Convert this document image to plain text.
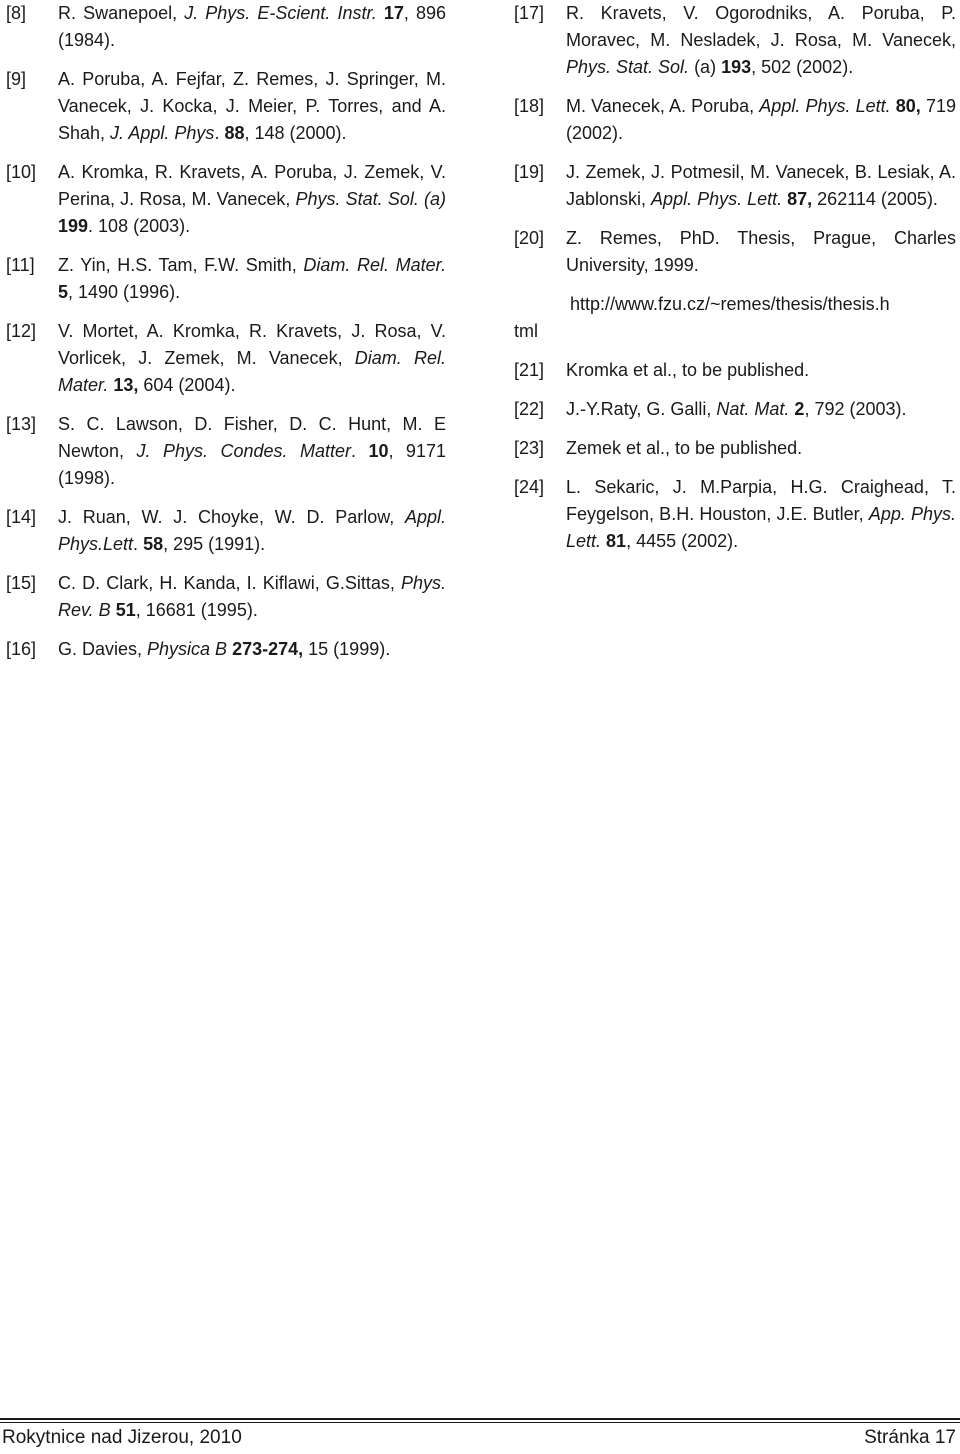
[8] R. Swanepoel, J. Phys. E-Scient. Instr. 17, 896 (1984).
[9] A. Poruba, A. Fejfar, Z. Remes, J. Springer, M. Vanecek, J. Kocka, J. Meier, P. Torres, and A. Shah, J. Appl. Phys. 88, 148 (2000).
[10] A. Kromka, R. Kravets, A. Poruba, J. Zemek, V. Perina, J. Rosa, M. Vanecek, Phys. Stat. Sol. (a) 199. 108 (2003).
[11] Z. Yin, H.S. Tam, F.W. Smith, Diam. Rel. Mater. 5, 1490 (1996).
[12] V. Mortet, A. Kromka, R. Kravets, J. Rosa, V. Vorlicek, J. Zemek, M. Vanecek, Diam. Rel. Mater. 13, 604 (2004).
[13] S. C. Lawson, D. Fisher, D. C. Hunt, M. E Newton, J. Phys. Condes. Matter. 10, 9171 (1998).
[14] J. Ruan, W. J. Choyke, W. D. Parlow, Appl. Phys.Lett. 58, 295 (1991).
[15] C. D. Clark, H. Kanda, I. Kiflawi, G.Sittas, Phys. Rev. B 51, 16681 (1995).
[16] G. Davies, Physica B 273-274, 15 (1999).
[17] R. Kravets, V. Ogorodniks, A. Poruba, P. Moravec, M. Nesladek, J. Rosa, M. Vanecek, Phys. Stat. Sol. (a) 193, 502 (2002).
[18] M. Vanecek, A. Poruba, Appl. Phys. Lett. 80, 719 (2002).
[19] J. Zemek, J. Potmesil, M. Vanecek, B. Lesiak, A. Jablonski, Appl. Phys. Lett. 87, 262114 (2005).
[20] Z. Remes, PhD. Thesis, Prague, Charles University, 1999.
http://www.fzu.cz/~remes/thesis/thesis.h
tml
[21] Kromka et al., to be published.
[22] J.-Y.Raty, G. Galli, Nat. Mat. 2, 792 (2003).
[23] Zemek et al., to be published.
[24] L. Sekaric, J. M.Parpia, H.G. Craighead, T. Feygelson, B.H. Houston, J.E. Butler, App. Phys. Lett. 81, 4455 (2002).
Rokytnice nad Jizerou, 2010	Stránka 17
